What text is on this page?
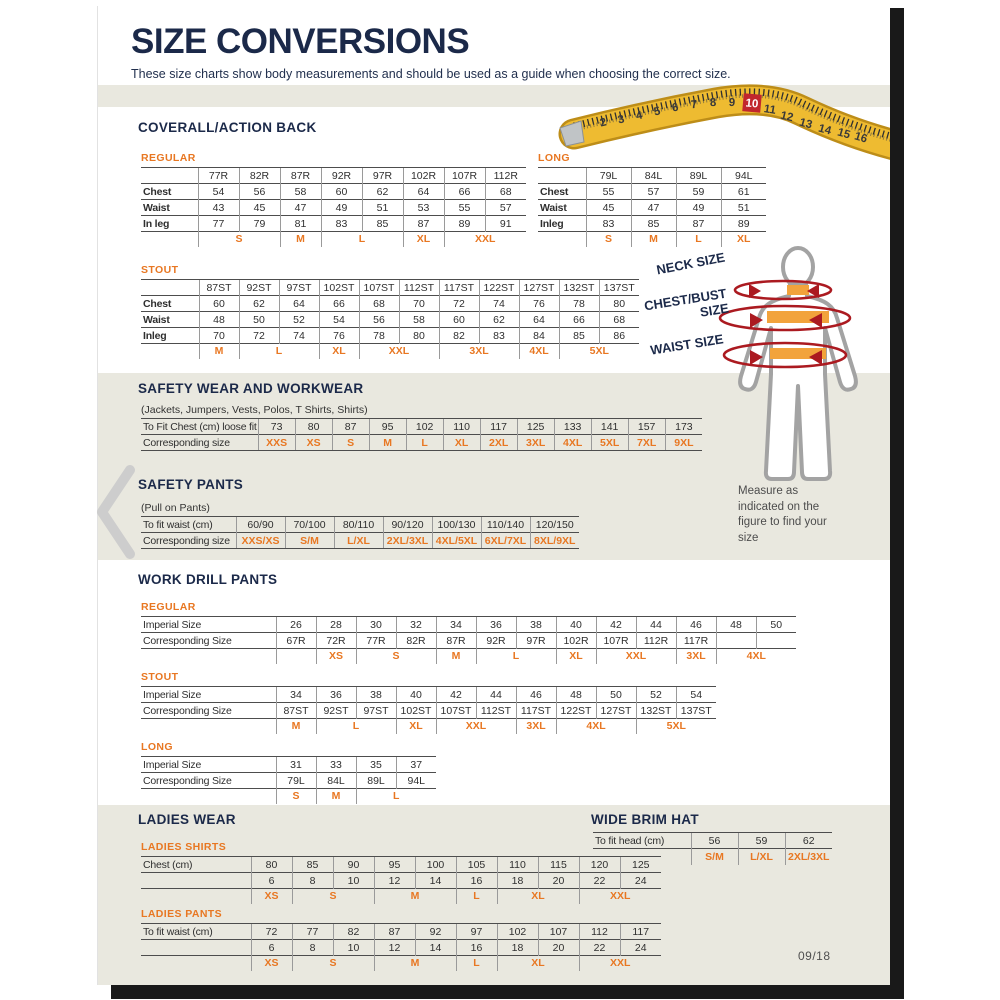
2 3 4 5 6 7 8 9 10 11 12 13 14 15 16
SIZE CONVERSIONS
These size charts show body measurements and should be used as a guide when choosing the correct size.
COVERALL/ACTION BACK
REGULAR
	77R	82R	87R	92R	97R	102R	107R	112R
Chest	54	56	58	60	62	64	66	68
Waist	43	45	47	49	51	53	55	57
In leg	77	79	81	83	85	87	89	91
	S		M	L		XL	XXL	
LONG
	79L	84L	89L	94L
Chest	55	57	59	61
Waist	45	47	49	51
Inleg	83	85	87	89
	S	M	L	XL
STOUT
	87ST	92ST	97ST	102ST	107ST	112ST	117ST	122ST	127ST	132ST	137ST
Chest	60	62	64	66	68	70	72	74	76	78	80
Waist	48	50	52	54	56	58	60	62	64	66	68
Inleg	70	72	74	76	78	80	82	83	84	85	86
	M	L		XL	XXL		3XL		4XL	5XL	
SAFETY WEAR AND WORKWEAR
(Jackets, Jumpers, Vests, Polos, T Shirts, Shirts)
To Fit Chest (cm) loose fit	73	80	87	95	102	110	117	125	133	141	157	173
Corresponding size	XXS	XS	S	M	L	XL	2XL	3XL	4XL	5XL	7XL	9XL
SAFETY PANTS
(Pull on Pants)
To fit waist (cm)	60/90	70/100	80/110	90/120	100/130	110/140	120/150
Corresponding size	XXS/XS	S/M	L/XL	2XL/3XL	4XL/5XL	6XL/7XL	8XL/9XL
WORK DRILL PANTS
REGULAR
Imperial Size	26	28	30	32	34	36	38	40	42	44	46	48	50
Corresponding Size	67R	72R	77R	82R	87R	92R	97R	102R	107R	112R	117R		
		XS	S		M	L		XL	XXL		3XL	4XL	
STOUT
Imperial Size	34	36	38	40	42	44	46	48	50	52	54
Corresponding Size	87ST	92ST	97ST	102ST	107ST	112ST	117ST	122ST	127ST	132ST	137ST
	M	L		XL	XXL		3XL	4XL		5XL	
LONG
Imperial Size	31	33	35	37
Corresponding Size	79L	84L	89L	94L
	S	M	L	
LADIES WEAR
LADIES SHIRTS
Chest (cm)	80	85	90	95	100	105	110	115	120	125
	6	8	10	12	14	16	18	20	22	24
	XS	S		M		L	XL		XXL	
LADIES PANTS
To fit waist (cm)	72	77	82	87	92	97	102	107	112	117
	6	8	10	12	14	16	18	20	22	24
	XS	S		M		L	XL		XXL	
WIDE BRIM HAT
To fit head (cm)	56	59	62
	S/M	L/XL	2XL/3XL
NECK SIZE
CHEST/BUST SIZE
WAIST SIZE
Measure as indicated on the figure to find your size
09/18
